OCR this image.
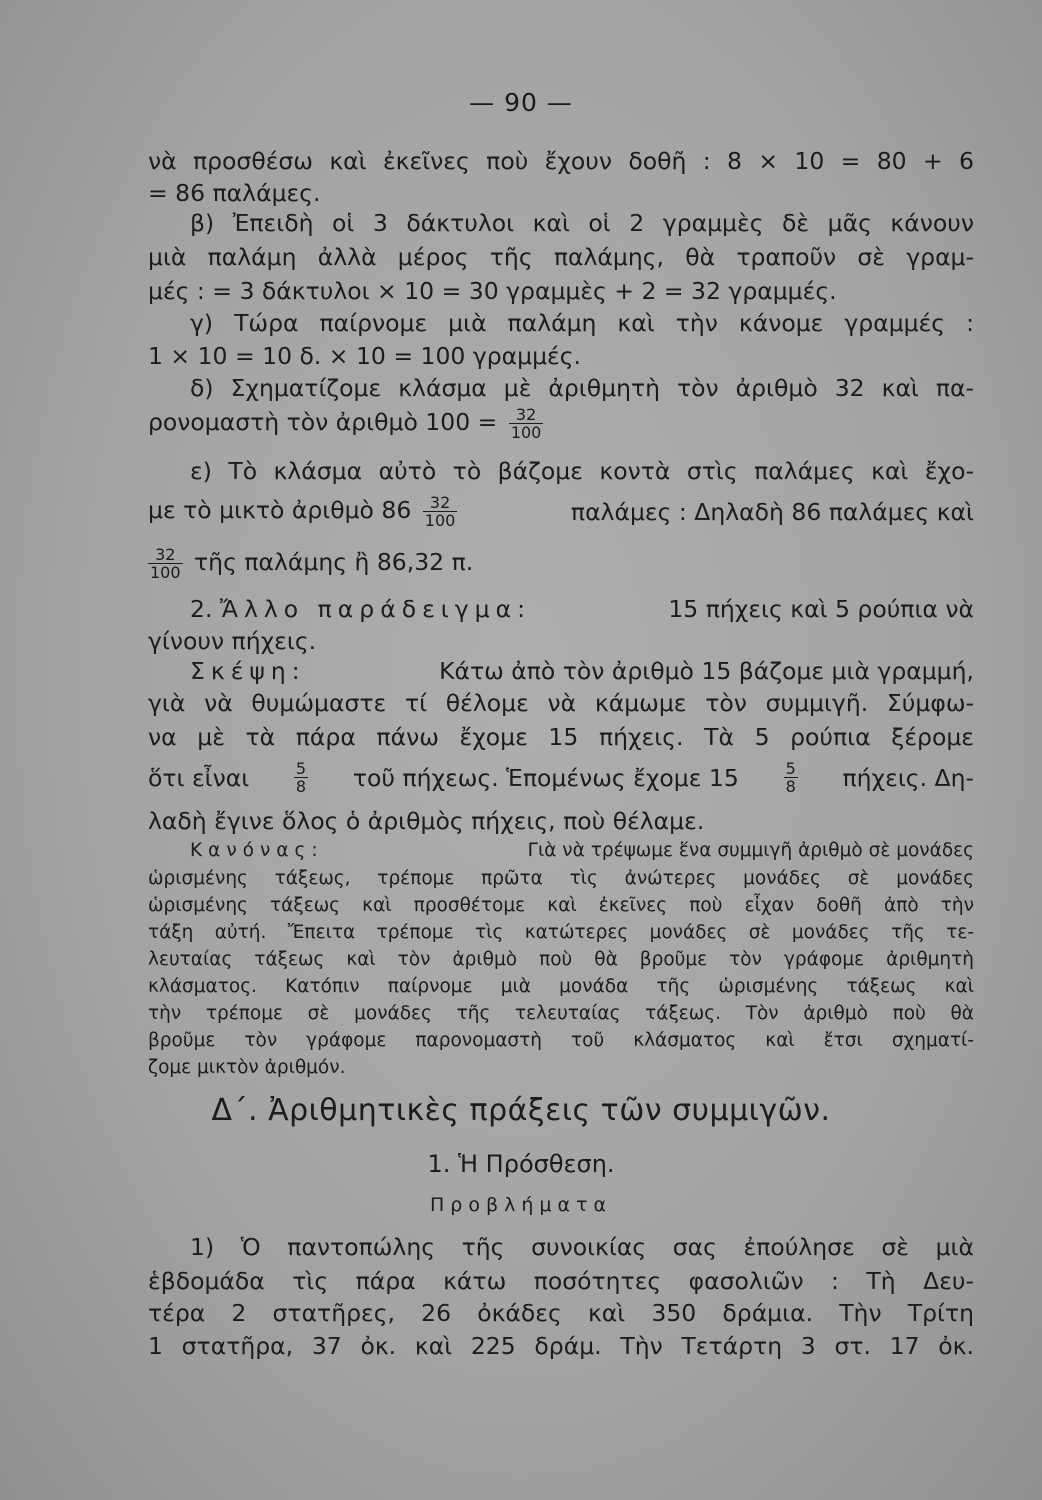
— 90 —
νὰ προσθέσω καὶ ἐκεῖνες ποὺ ἔχουν δοθῆ : 8 × 10 = 80 + 6
= 86 παλάμες.
β) Ἐπειδὴ οἱ 3 δάκτυλοι καὶ οἱ 2 γραμμὲς δὲ μᾶς κάνουν
μιὰ παλάμη ἀλλὰ μέρος τῆς παλάμης, θὰ τραποῦν σὲ γραμ-
μές : = 3 δάκτυλοι × 10 = 30 γραμμὲς + 2 = 32 γραμμές.
γ) Τώρα παίρνομε μιὰ παλάμη καὶ τὴν κάνομε γραμμές :
1 × 10 = 10 δ. × 10 = 100 γραμμές.
δ) Σχηματίζομε κλάσμα μὲ ἀριθμητὴ τὸν ἀριθμὸ 32 καὶ πα-
ρονομαστὴ τὸν ἀριθμὸ $100 = \frac{32}{100}$
ε) Τὸ κλάσμα αὐτὸ τὸ βάζομε κοντὰ στὶς παλάμες καὶ ἔχο-
με τὸ μικτὸ ἀριθμὸ $86 \frac{32}{100}$	παλάμες : Δηλαδὴ 86 παλάμες καὶ
$\frac{32}{100}$ τῆς παλάμης ἢ 86,32 π.
2. Ἄλλο παράδειγμα:	15 πήχεις καὶ 5 ρούπια νὰ
γίνουν πήχεις.
Σκέψη:	Κάτω ἀπὸ τὸν ἀριθμὸ 15 βάζομε μιὰ γραμμή,
γιὰ νὰ θυμώμαστε τί θέλομε νὰ κάμωμε τὸν συμμιγῆ. Σύμφω-
να μὲ τὰ πάρα πάνω ἔχομε 15 πήχεις. Τὰ 5 ρούπια ξέρομε
ὅτι εἶναι	$\frac{5}{8}$ τοῦ πήχεως. Ἑπομένως ἔχομε 15	$\frac{5}{8} \pi ή\chi\varepsilon\iota\varsigma$. Δη-
λαδὴ ἔγινε ὅλος ὁ ἀριθμὸς πήχεις, ποὺ θέλαμε.
Κανόνας:	Γιὰ νὰ τρέψωμε ἕνα συμμιγῆ ἀριθμὸ σὲ μονάδες
ὡρισμένης τάξεως, τρέπομε πρῶτα τὶς ἀνώτερες μονάδες σὲ μονάδες
ὡρισμένης τάξεως καὶ προσθέτομε καὶ ἐκεῖνες ποὺ εἶχαν δοθῆ ἀπὸ τὴν
τάξη αὐτή. Ἔπειτα τρέπομε τὶς κατώτερες μονάδες σὲ μονάδες τῆς τε-
λευταίας τάξεως καὶ τὸν ἀριθμὸ ποὺ θὰ βροῦμε τὸν γράφομε ἀριθμητὴ
κλάσματος. Κατόπιν παίρνομε μιὰ μονάδα τῆς ὡρισμένης τάξεως καὶ
τὴν τρέπομε σὲ μονάδες τῆς τελευταίας τάξεως. Τὸν ἀριθμὸ ποὺ θὰ
βροῦμε τὸν γράφομε παρονομαστὴ τοῦ κλάσματος καὶ ἔτσι σχηματί-
ζομε μικτὸν ἀριθμόν.
Δ΄. Ἀριθμητικὲς πράξεις τῶν συμμιγῶν.
1. Ἡ Πρόσθεση.
Προβλήματα
1) Ὁ παντοπώλης τῆς συνοικίας σας ἐπούλησε σὲ μιὰ
ἑβδομάδα τὶς πάρα κάτω ποσότητες φασολιῶν : Τὴ Δευ-
τέρα 2 στατῆρες, 26 ὀκάδες καὶ 350 δράμια. Τὴν Τρίτη
1 στατῆρα, 37 ὀκ. καὶ 225 δράμ. Τὴν Τετάρτη 3 στ. 17 ὀκ.
